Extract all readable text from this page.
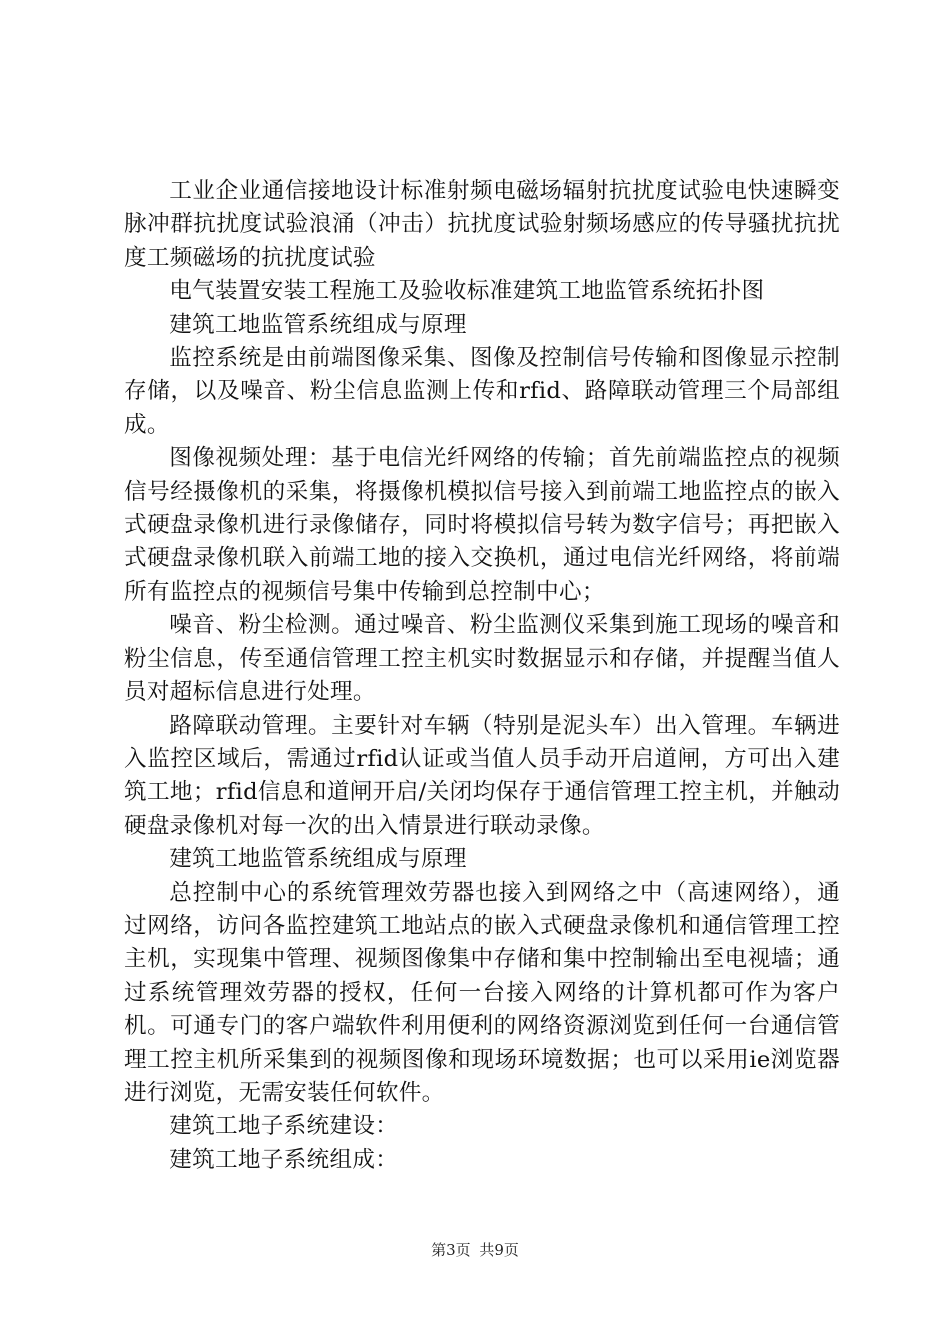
工业企业通信接地设计标准射频电磁场辐射抗扰度试验电快速瞬变脉冲群抗扰度试验浪涌（冲击）抗扰度试验射频场感应的传导骚扰抗扰度工频磁场的抗扰度试验

电气装置安装工程施工及验收标准建筑工地监管系统拓扑图

建筑工地监管系统组成与原理

监控系统是由前端图像采集、图像及控制信号传输和图像显示控制存储，以及噪音、粉尘信息监测上传和rfid、路障联动管理三个局部组成。

图像视频处理：基于电信光纤网络的传输；首先前端监控点的视频信号经摄像机的采集，将摄像机模拟信号接入到前端工地监控点的嵌入式硬盘录像机进行录像储存，同时将模拟信号转为数字信号；再把嵌入式硬盘录像机联入前端工地的接入交换机，通过电信光纤网络，将前端所有监控点的视频信号集中传输到总控制中心；

噪音、粉尘检测。通过噪音、粉尘监测仪采集到施工现场的噪音和粉尘信息，传至通信管理工控主机实时数据显示和存储，并提醒当值人员对超标信息进行处理。

路障联动管理。主要针对车辆（特别是泥头车）出入管理。车辆进入监控区域后，需通过rfid认证或当值人员手动开启道闸，方可出入建筑工地；rfid信息和道闸开启/关闭均保存于通信管理工控主机，并触动硬盘录像机对每一次的出入情景进行联动录像。

建筑工地监管系统组成与原理

总控制中心的系统管理效劳器也接入到网络之中（高速网络），通过网络，访问各监控建筑工地站点的嵌入式硬盘录像机和通信管理工控主机，实现集中管理、视频图像集中存储和集中控制输出至电视墙；通过系统管理效劳器的授权，任何一台接入网络的计算机都可作为客户机。可通专门的客户端软件利用便利的网络资源浏览到任何一台通信管理工控主机所采集到的视频图像和现场环境数据；也可以采用ie浏览器进行浏览，无需安装任何软件。

建筑工地子系统建设：

建筑工地子系统组成：

第3页 共9页
